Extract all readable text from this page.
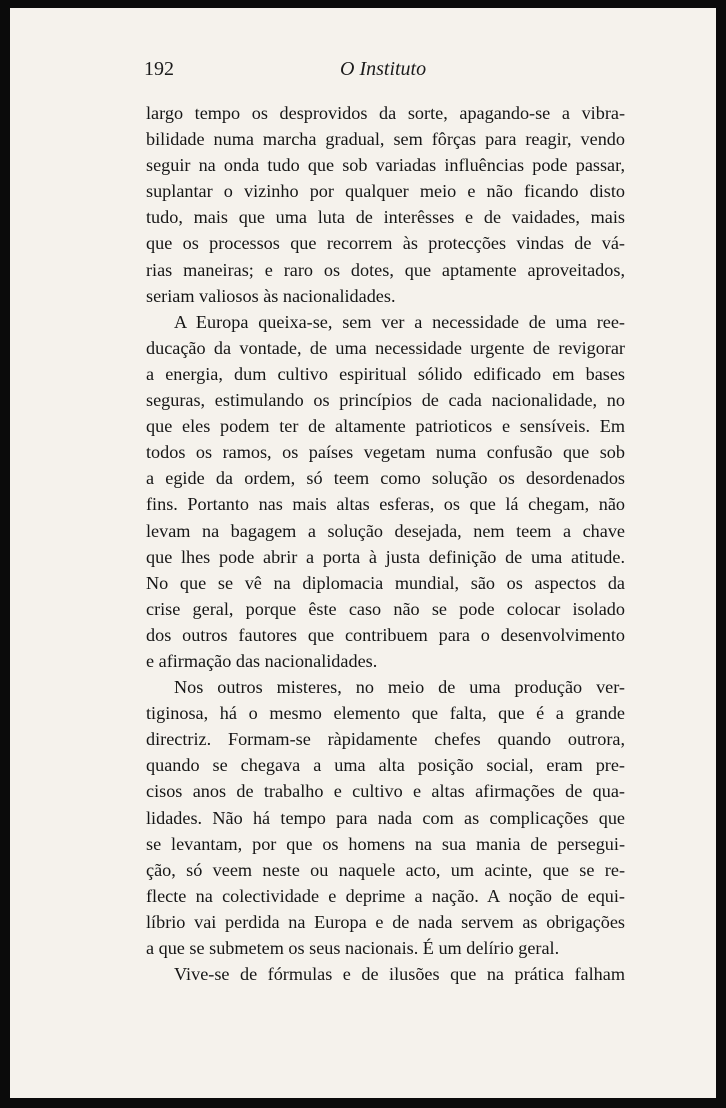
192	O Instituto
largo tempo os desprovidos da sorte, apagando-se a vibra-
bilidade numa marcha gradual, sem fôrças para reagir, vendo
seguir na onda tudo que sob variadas influências pode passar,
suplantar o vizinho por qualquer meio e não ficando disto
tudo, mais que uma luta de interêsses e de vaidades, mais
que os processos que recorrem às protecções vindas de vá-
rias maneiras; e raro os dotes, que aptamente aproveitados,
seriam valiosos às nacionalidades.
A Europa queixa-se, sem ver a necessidade de uma ree-
ducação da vontade, de uma necessidade urgente de revigorar
a energia, dum cultivo espiritual sólido edificado em bases
seguras, estimulando os princípios de cada nacionalidade, no
que eles podem ter de altamente patrioticos e sensíveis. Em
todos os ramos, os países vegetam numa confusão que sob
a egide da ordem, só teem como solução os desordenados
fins. Portanto nas mais altas esferas, os que lá chegam, não
levam na bagagem a solução desejada, nem teem a chave
que lhes pode abrir a porta à justa definição de uma atitude.
No que se vê na diplomacia mundial, são os aspectos da
crise geral, porque êste caso não se pode colocar isolado
dos outros fautores que contribuem para o desenvolvimento
e afirmação das nacionalidades.
Nos outros misteres, no meio de uma produção ver-
tiginosa, há o mesmo elemento que falta, que é a grande
directriz. Formam-se ràpidamente chefes quando outrora,
quando se chegava a uma alta posição social, eram pre-
cisos anos de trabalho e cultivo e altas afirmações de qua-
lidades. Não há tempo para nada com as complicações que
se levantam, por que os homens na sua mania de persegui-
ção, só veem neste ou naquele acto, um acinte, que se re-
flecte na colectividade e deprime a nação. A noção de equi-
líbrio vai perdida na Europa e de nada servem as obrigações
a que se submetem os seus nacionais. É um delírio geral.
Vive-se de fórmulas e de ilusões que na prática falham
